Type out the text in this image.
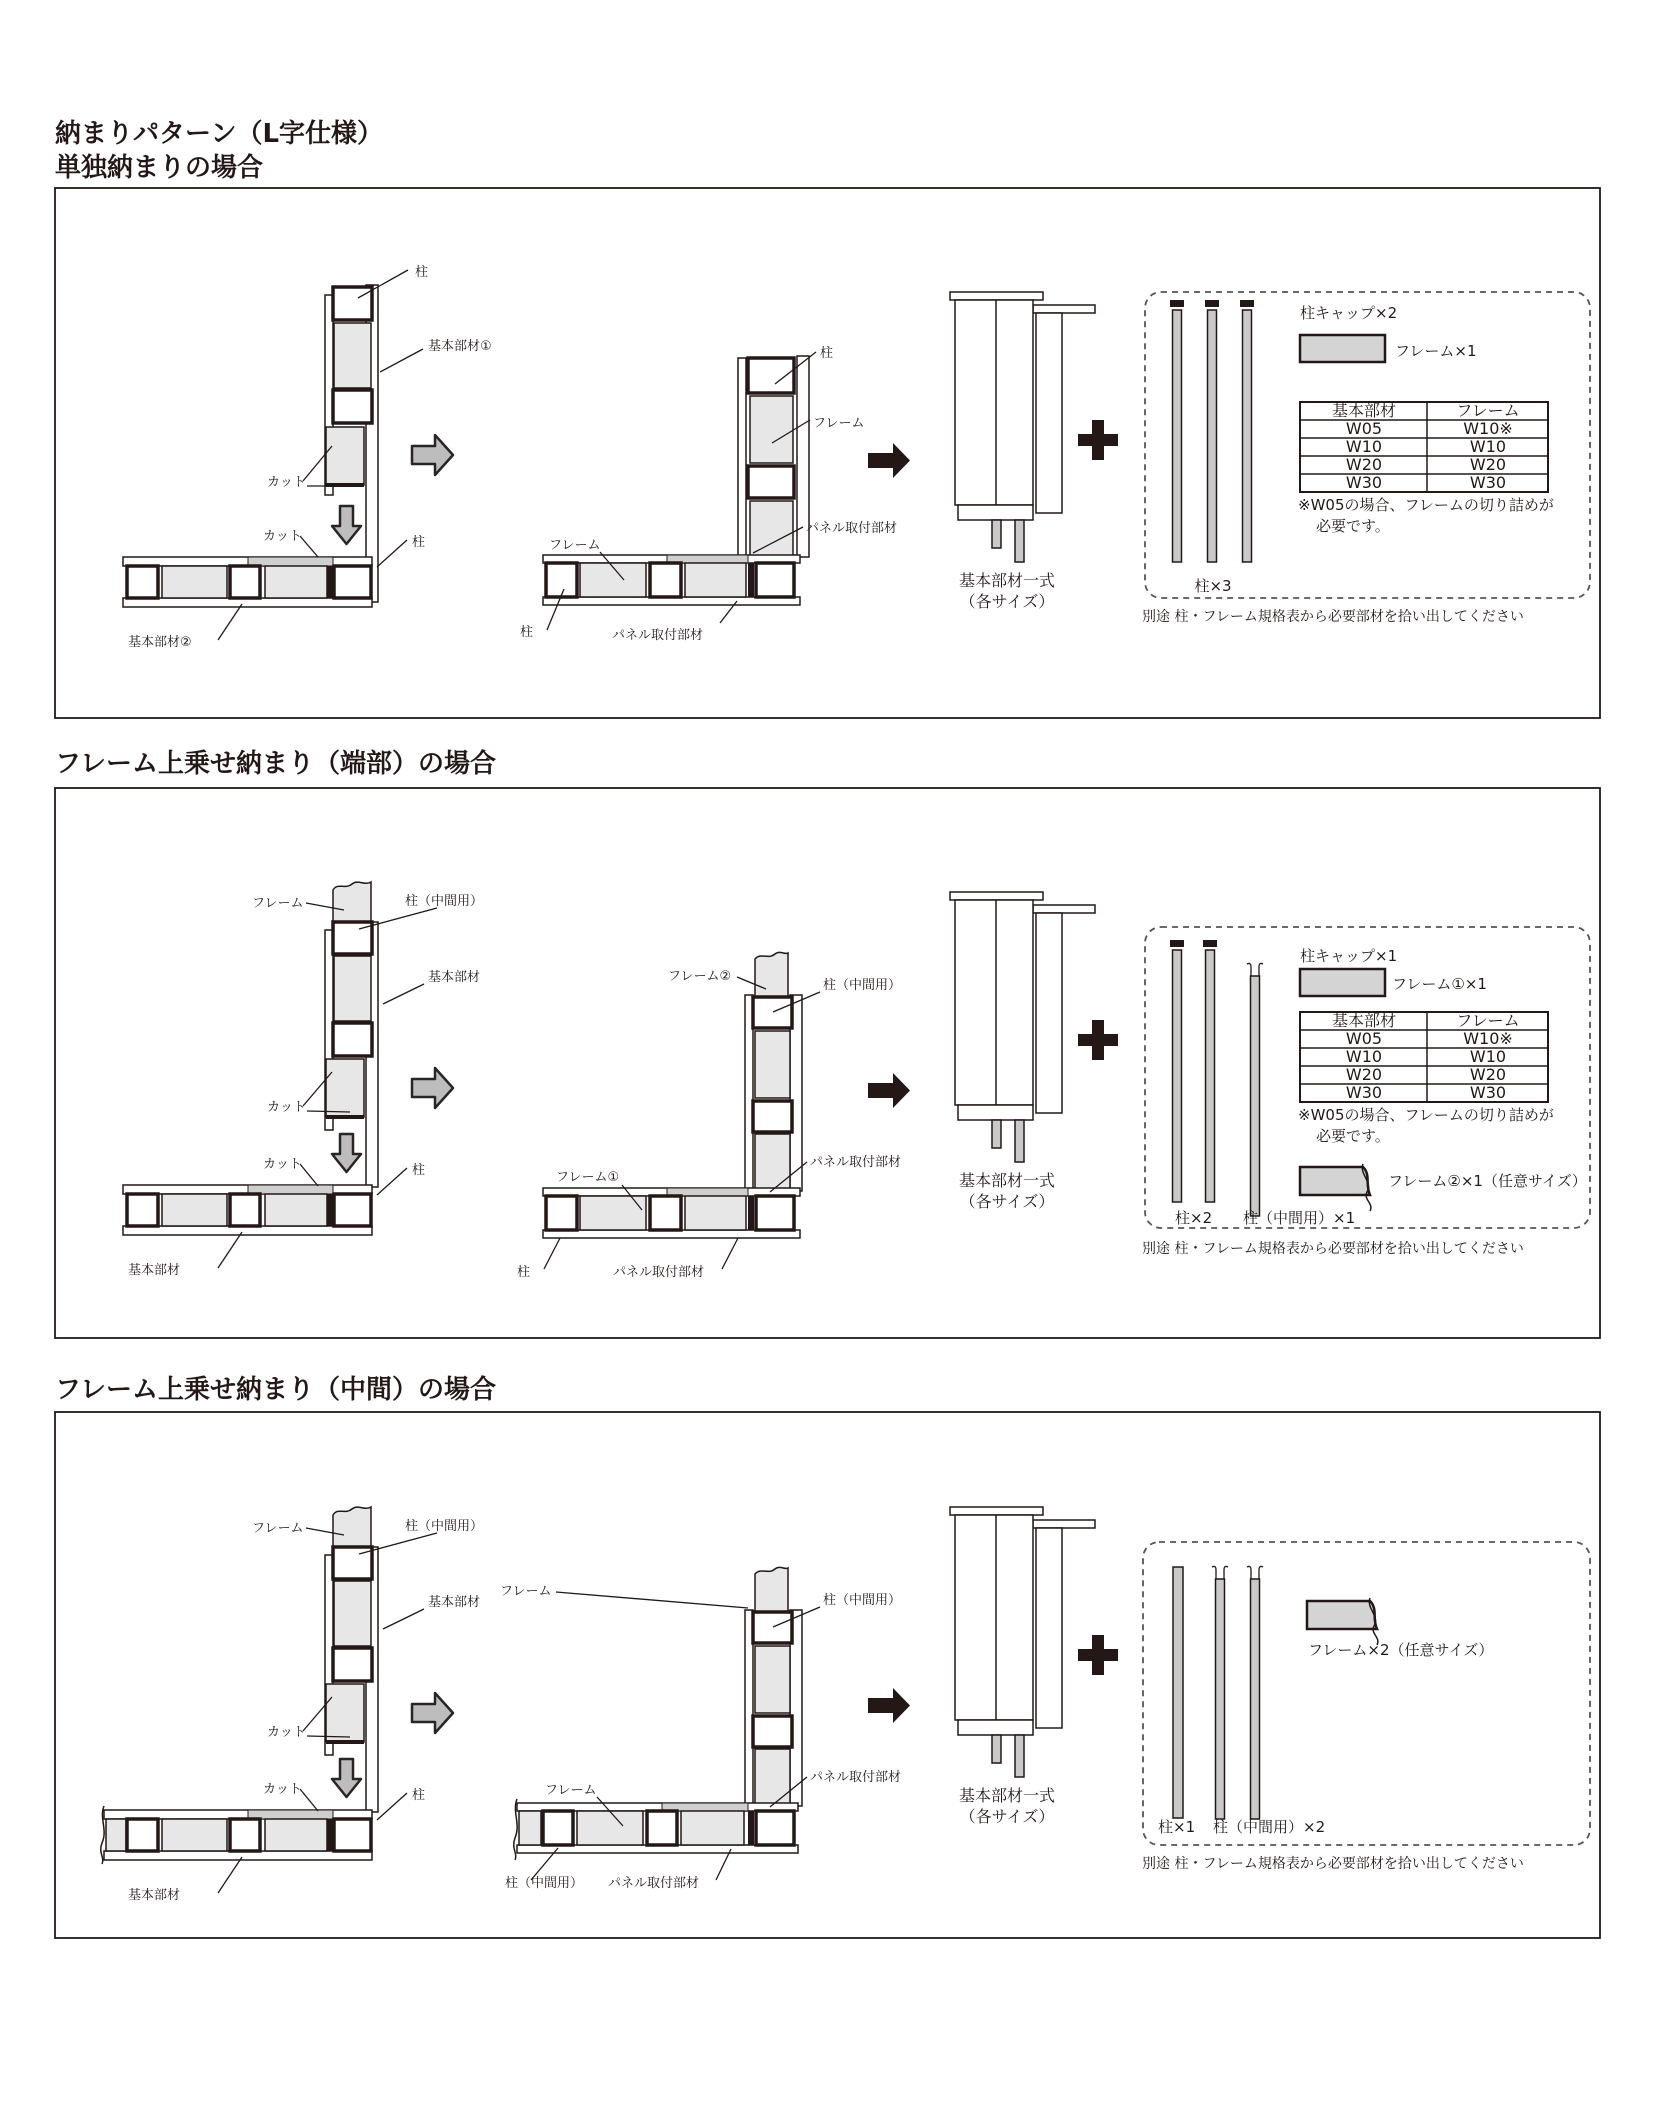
納まりパターン（L字仕様）
単独納まりの場合
柱
基本部材①
カット
カット	柱
基本部材②
柱
フレーム
パネル取付部材
フレーム
柱	パネル取付部材
基本部材一式
（各サイズ）
柱×3
柱キャップ×2
フレーム×1
基本部材	フレーム
W05	W10※
W10	W10
W20	W20
W30	W30
※W05の場合、フレームの切り詰めが
必要です。
別途 柱・フレーム規格表から必要部材を拾い出してください
フレーム上乗せ納まり（端部）の場合
フレーム	柱（中間用）
基本部材
カット
カット	柱
基本部材
フレーム②
柱（中間用）
パネル取付部材
フレーム①
柱	パネル取付部材
基本部材一式
（各サイズ）
柱×2 柱（中間用）×1
柱キャップ×1
フレーム①×1
基本部材	フレーム
W05	W10※
W10	W10
W20	W20
W30	W30
※W05の場合、フレームの切り詰めが
必要です。
フレーム②×1（任意サイズ）
別途 柱・フレーム規格表から必要部材を拾い出してください
フレーム上乗せ納まり（中間）の場合
フレーム	柱（中間用）
基本部材
カット
カット	柱
基本部材
フレーム
柱（中間用）
パネル取付部材
フレーム
柱（中間用） パネル取付部材
基本部材一式
（各サイズ）
フレーム×2（任意サイズ）
柱×1 柱（中間用）×2
別途 柱・フレーム規格表から必要部材を拾い出してください
